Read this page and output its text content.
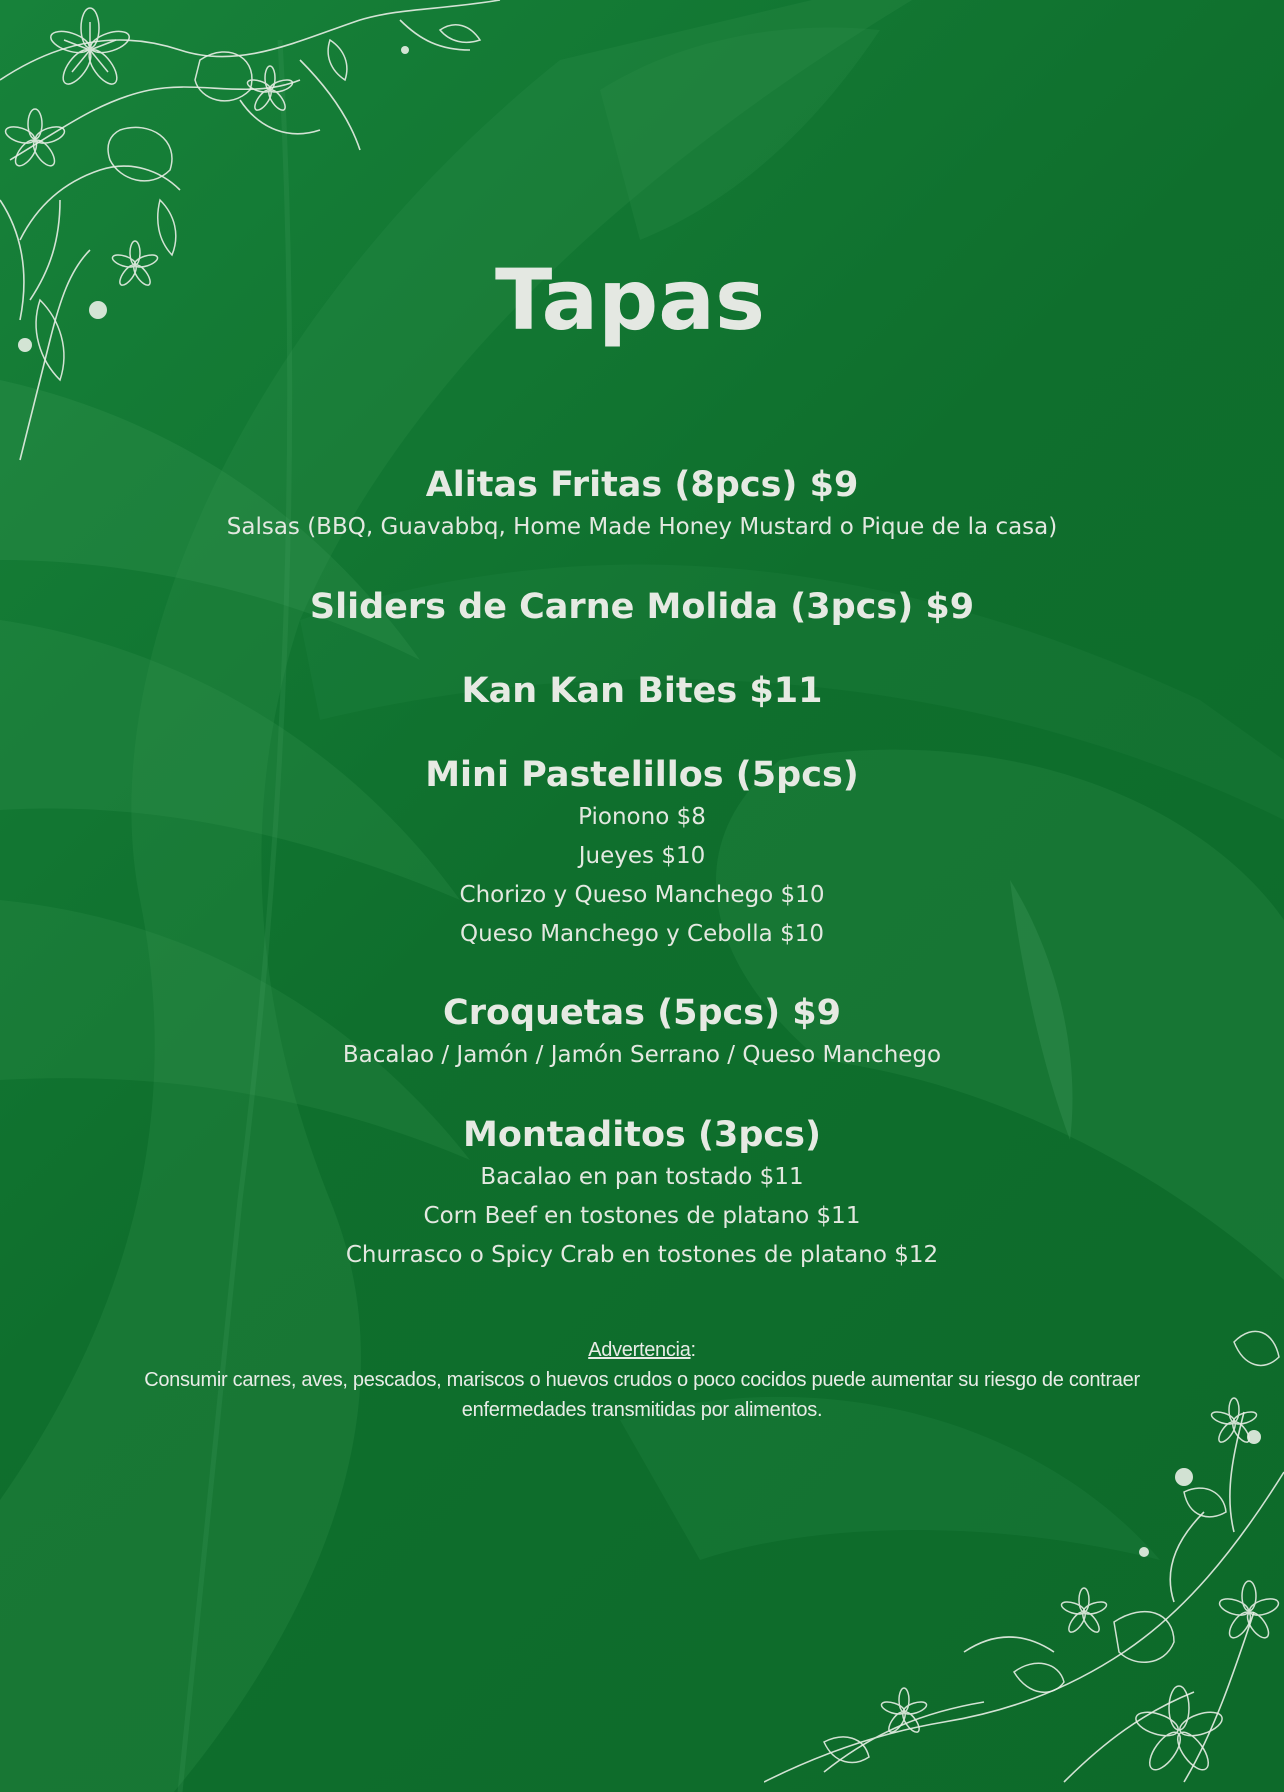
Tapas
Alitas Fritas (8pcs) $9
Salsas (BBQ, Guavabbq, Home Made Honey Mustard o Pique de la casa)
Sliders de Carne Molida (3pcs) $9
Kan Kan Bites $11
Mini Pastelillos (5pcs)
Pionono $8
Jueyes $10
Chorizo y Queso Manchego $10
Queso Manchego y Cebolla $10
Croquetas (5pcs) $9
Bacalao / Jamón / Jamón Serrano / Queso Manchego
Montaditos (3pcs)
Bacalao en pan tostado $11
Corn Beef en tostones de platano $11
Churrasco o Spicy Crab en tostones de platano $12
Advertencia:
Consumir carnes, aves, pescados, mariscos o huevos crudos o poco cocidos puede aumentar su riesgo de contraer enfermedades transmitidas por alimentos.
